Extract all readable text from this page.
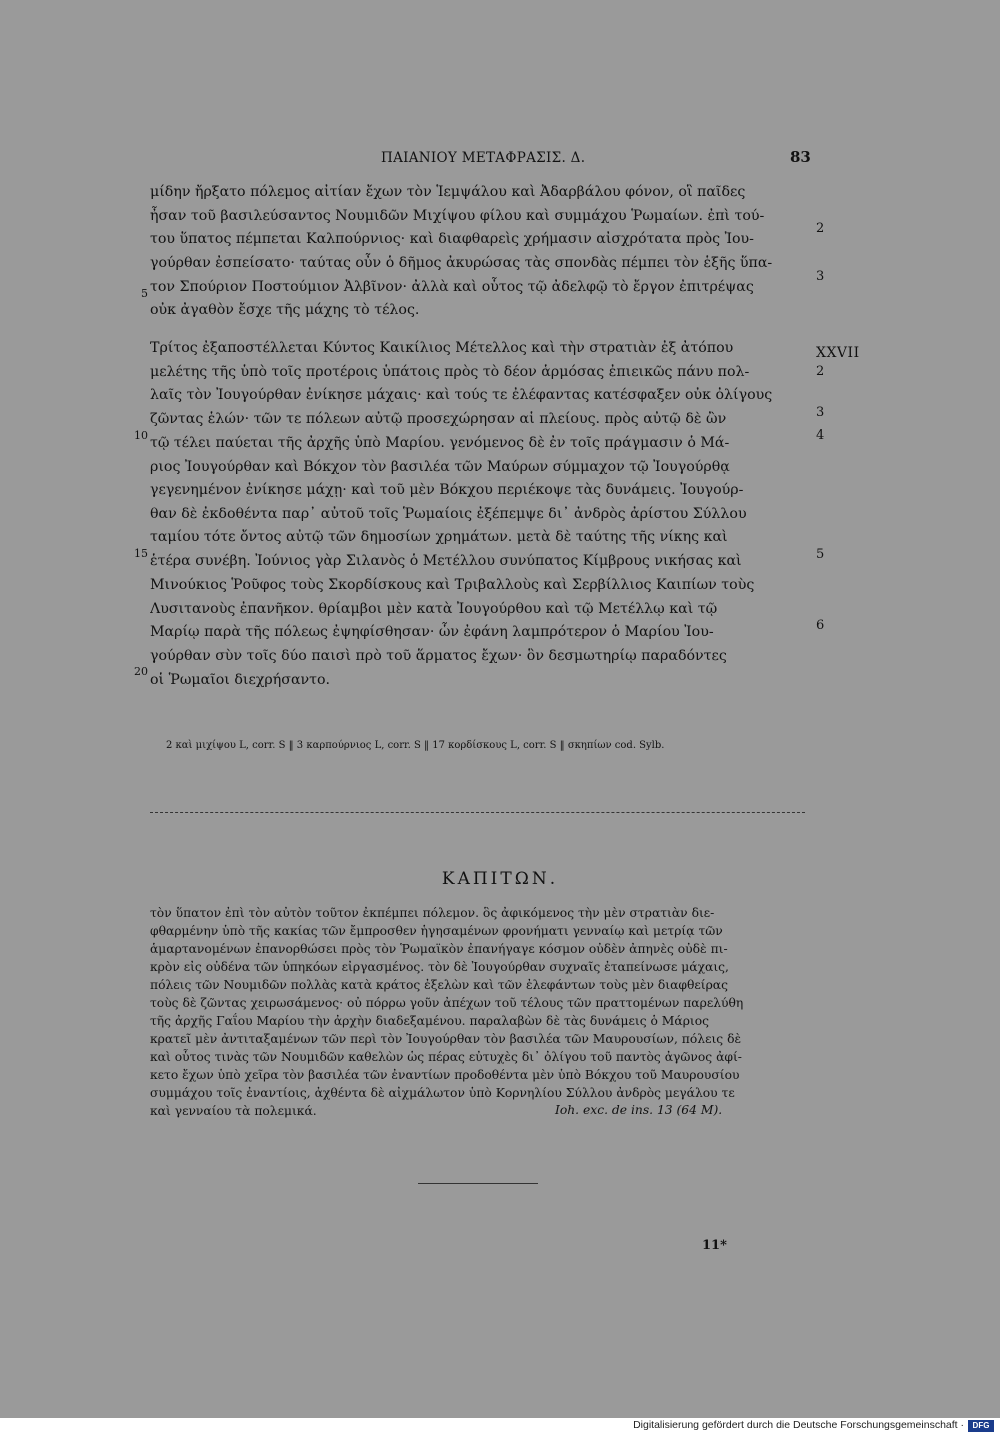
ΠΑΙΑΝΙΟΥ ΜΕΤΑΦΡΑΣΙΣ. Δ.	83
μίδην ἤρξατο πόλεμος αἰτίαν ἔχων τὸν Ἱεμψάλου καὶ Ἀδαρβάλου φόνον, οἳ παῖδες
ἦσαν τοῦ βασιλεύσαντος Νουμιδῶν Μιχίψου φίλου καὶ συμμάχου Ῥωμαίων. ἐπὶ τού-
του ὕπατος πέμπεται Καλπούρνιος· καὶ διαφθαρεὶς χρήμασιν αἰσχρότατα πρὸς Ἰου-
γούρθαν ἐσπείσατο· ταύτας οὖν ὁ δῆμος ἀκυρώσας τὰς σπονδὰς πέμπει τὸν ἑξῆς ὕπα-
τον Σπούριον Ποστούμιον Ἀλβῖνον· ἀλλὰ καὶ οὗτος τῷ ἀδελφῷ τὸ ἔργον ἐπιτρέψας
οὐκ ἀγαθὸν ἔσχε τῆς μάχης τὸ τέλος.
Τρίτος ἐξαποστέλλεται Κύντος Καικίλιος Μέτελλος καὶ τὴν στρατιὰν ἐξ ἀτόπου
μελέτης τῆς ὑπὸ τοῖς προτέροις ὑπάτοις πρὸς τὸ δέον ἁρμόσας ἐπιεικῶς πάνυ πολ-
λαῖς τὸν Ἰουγούρθαν ἐνίκησε μάχαις· καὶ τούς τε ἐλέφαντας κατέσφαξεν οὐκ ὀλίγους
ζῶντας ἑλών· τῶν τε πόλεων αὐτῷ προσεχώρησαν αἱ πλείους. πρὸς αὐτῷ δὲ ὢν
τῷ τέλει παύεται τῆς ἀρχῆς ὑπὸ Μαρίου. γενόμενος δὲ ἐν τοῖς πράγμασιν ὁ Μά-
ριος Ἰουγούρθαν καὶ Βόκχον τὸν βασιλέα τῶν Μαύρων σύμμαχον τῷ Ἰουγούρθᾳ
γεγενημένον ἐνίκησε μάχῃ· καὶ τοῦ μὲν Βόκχου περιέκοψε τὰς δυνάμεις. Ἰουγούρ-
θαν δὲ ἐκδοθέντα παρ᾽ αὐτοῦ τοῖς Ῥωμαίοις ἐξέπεμψε δι᾽ ἀνδρὸς ἀρίστου Σύλλου
ταμίου τότε ὄντος αὐτῷ τῶν δημοσίων χρημάτων. μετὰ δὲ ταύτης τῆς νίκης καὶ
ἑτέρα συνέβη. Ἰούνιος γὰρ Σιλανὸς ὁ Μετέλλου συνύπατος Κίμβρους νικήσας καὶ
Μινούκιος Ῥοῦφος τοὺς Σκορδίσκους καὶ Τριβαλλοὺς καὶ Σερβίλλιος Καιπίων τοὺς
Λυσιτανοὺς ἐπανῆκον. θρίαμβοι μὲν κατὰ Ἰουγούρθου καὶ τῷ Μετέλλῳ καὶ τῷ
Μαρίῳ παρὰ τῆς πόλεως ἐψηφίσθησαν· ὧν ἐφάνη λαμπρότερον ὁ Μαρίου Ἰου-
γούρθαν σὺν τοῖς δύο παισὶ πρὸ τοῦ ἅρματος ἔχων· ὃν δεσμωτηρίῳ παραδόντες
οἱ Ῥωμαῖοι διεχρήσαντο.
5
10
15
20
2
3
XXVII
2
3
4
5
6
2 καὶ μιχίψου L, corr. S ‖ 3 καρπούρνιος L, corr. S ‖ 17 κορδίσκους L, corr. S ‖ σκηπίων cod. Sylb.
ΚΑΠΙΤΩΝ.
τὸν ὕπατον ἐπὶ τὸν αὐτὸν τοῦτον ἐκπέμπει πόλεμον. ὃς ἀφικόμενος τὴν μὲν στρατιὰν διε-
φθαρμένην ὑπὸ τῆς κακίας τῶν ἔμπροσθεν ἡγησαμένων φρονήματι γενναίῳ καὶ μετρίᾳ τῶν
ἁμαρτανομένων ἐπανορθώσει πρὸς τὸν Ῥωμαϊκὸν ἐπανήγαγε κόσμον οὐδὲν ἀπηνὲς οὐδὲ πι-
κρὸν εἰς οὐδένα τῶν ὑπηκόων εἰργασμένος. τὸν δὲ Ἰουγούρθαν συχναῖς ἐταπείνωσε μάχαις,
πόλεις τῶν Νουμιδῶν πολλὰς κατὰ κράτος ἐξελὼν καὶ τῶν ἐλεφάντων τοὺς μὲν διαφθείρας
τοὺς δὲ ζῶντας χειρωσάμενος· οὐ πόρρω γοῦν ἀπέχων τοῦ τέλους τῶν πραττομένων παρελύθη
τῆς ἀρχῆς Γαΐου Μαρίου τὴν ἀρχὴν διαδεξαμένου. παραλαβὼν δὲ τὰς δυνάμεις ὁ Μάριος
κρατεῖ μὲν ἀντιταξαμένων τῶν περὶ τὸν Ἰουγούρθαν τὸν βασιλέα τῶν Μαυρουσίων, πόλεις δὲ
καὶ οὗτος τινὰς τῶν Νουμιδῶν καθελὼν ὡς πέρας εὐτυχὲς δι᾽ ὀλίγου τοῦ παντὸς ἀγῶνος ἀφί-
κετο ἔχων ὑπὸ χεῖρα τὸν βασιλέα τῶν ἐναντίων προδοθέντα μὲν ὑπὸ Βόκχου τοῦ Μαυρουσίου
συμμάχου τοῖς ἐναντίοις, ἀχθέντα δὲ αἰχμάλωτον ὑπὸ Κορνηλίου Σύλλου ἀνδρὸς μεγάλου τε
καὶ γενναίου τὰ πολεμικά.	Ioh. exc. de ins. 13 (64 M).
11*
Digitalisierung gefördert durch die Deutsche Forschungsgemeinschaft ·	DFG
